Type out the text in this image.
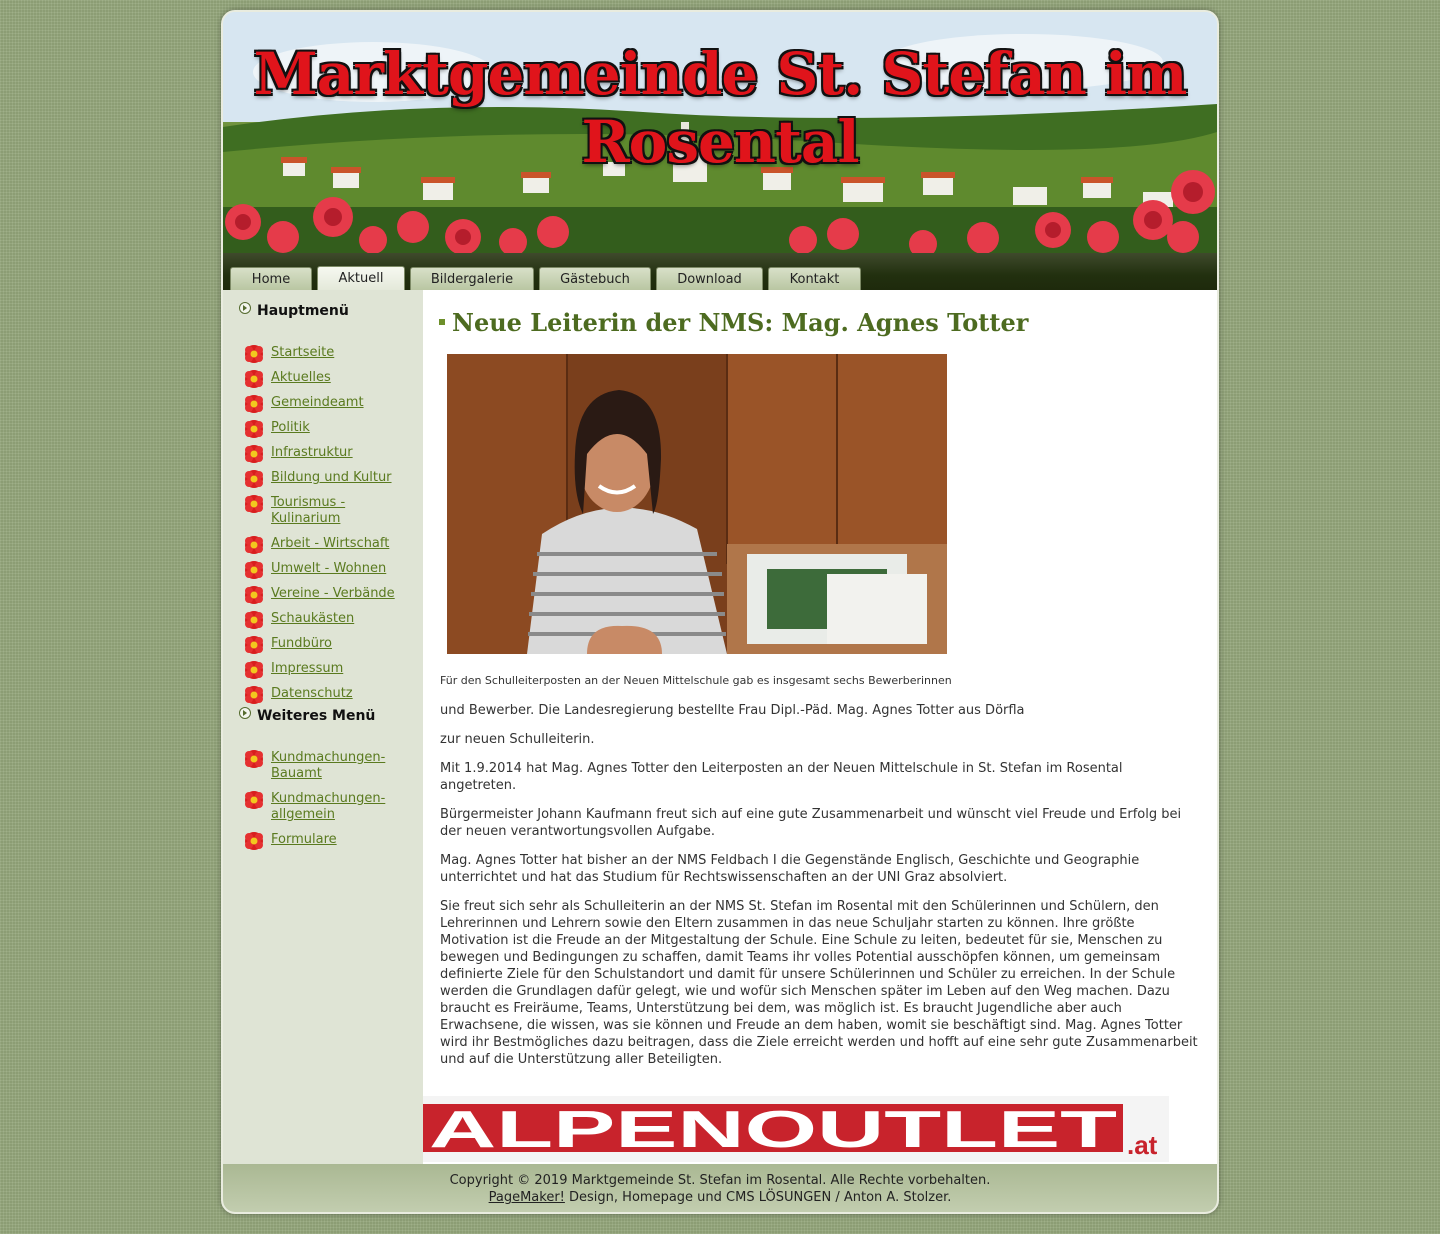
Marktgemeinde St. Stefan im Rosental
Home	Aktuell	Bildergalerie	Gästebuch	Download	Kontakt
Hauptmenü
Startseite
Aktuelles
Gemeindeamt
Politik
Infrastruktur
Bildung und Kultur
Tourismus - Kulinarium
Arbeit - Wirtschaft
Umwelt - Wohnen
Vereine - Verbände
Schaukästen
Fundbüro
Impressum
Datenschutz
Weiteres Menü
Kundmachungen-Bauamt
Kundmachungen-allgemein
Formulare
Neue Leiterin der NMS: Mag. Agnes Totter
Für den Schulleiterposten an der Neuen Mittelschule gab es insgesamt sechs Bewerberinnen

und Bewerber. Die Landesregierung bestellte Frau Dipl.-Päd. Mag. Agnes Totter aus Dörfla

zur neuen Schulleiterin.

Mit 1.9.2014 hat Mag. Agnes Totter den Leiterposten an der Neuen Mittelschule in St. Stefan im Rosental angetreten.

Bürgermeister Johann Kaufmann freut sich auf eine gute Zusammenarbeit und wünscht viel Freude und Erfolg bei der neuen verantwortungsvollen Aufgabe.

Mag. Agnes Totter hat bisher an der NMS Feldbach I die Gegenstände Englisch, Geschichte und Geographie unterrichtet und hat das Studium für Rechtswissenschaften an der UNI Graz absolviert.

Sie freut sich sehr als Schulleiterin an der NMS St. Stefan im Rosental mit den Schülerinnen und Schülern, den Lehrerinnen und Lehrern sowie den Eltern zusammen in das neue Schuljahr starten zu können. Ihre größte Motivation ist die Freude an der Mitgestaltung der Schule. Eine Schule zu leiten, bedeutet für sie, Menschen zu bewegen und Bedingungen zu schaffen, damit Teams ihr volles Potential ausschöpfen können, um gemeinsam definierte Ziele für den Schulstandort und damit für unsere Schülerinnen und Schüler zu erreichen. In der Schule werden die Grundlagen dafür gelegt, wie und wofür sich Menschen später im Leben auf den Weg machen. Dazu braucht es Freiräume, Teams, Unterstützung bei dem, was möglich ist. Es braucht Jugendliche aber auch Erwachsene, die wissen, was sie können und Freude an dem haben, womit sie beschäftigt sind. Mag. Agnes Totter wird ihr Bestmögliches dazu beitragen, dass die Ziele erreicht werden und hofft auf eine sehr gute Zusammenarbeit und auf die Unterstützung aller Beteiligten.

ALPENOUTLET .at
Copyright © 2019 Marktgemeinde St. Stefan im Rosental. Alle Rechte vorbehalten.
PageMaker! Design, Homepage und CMS LÖSUNGEN / Anton A. Stolzer.
